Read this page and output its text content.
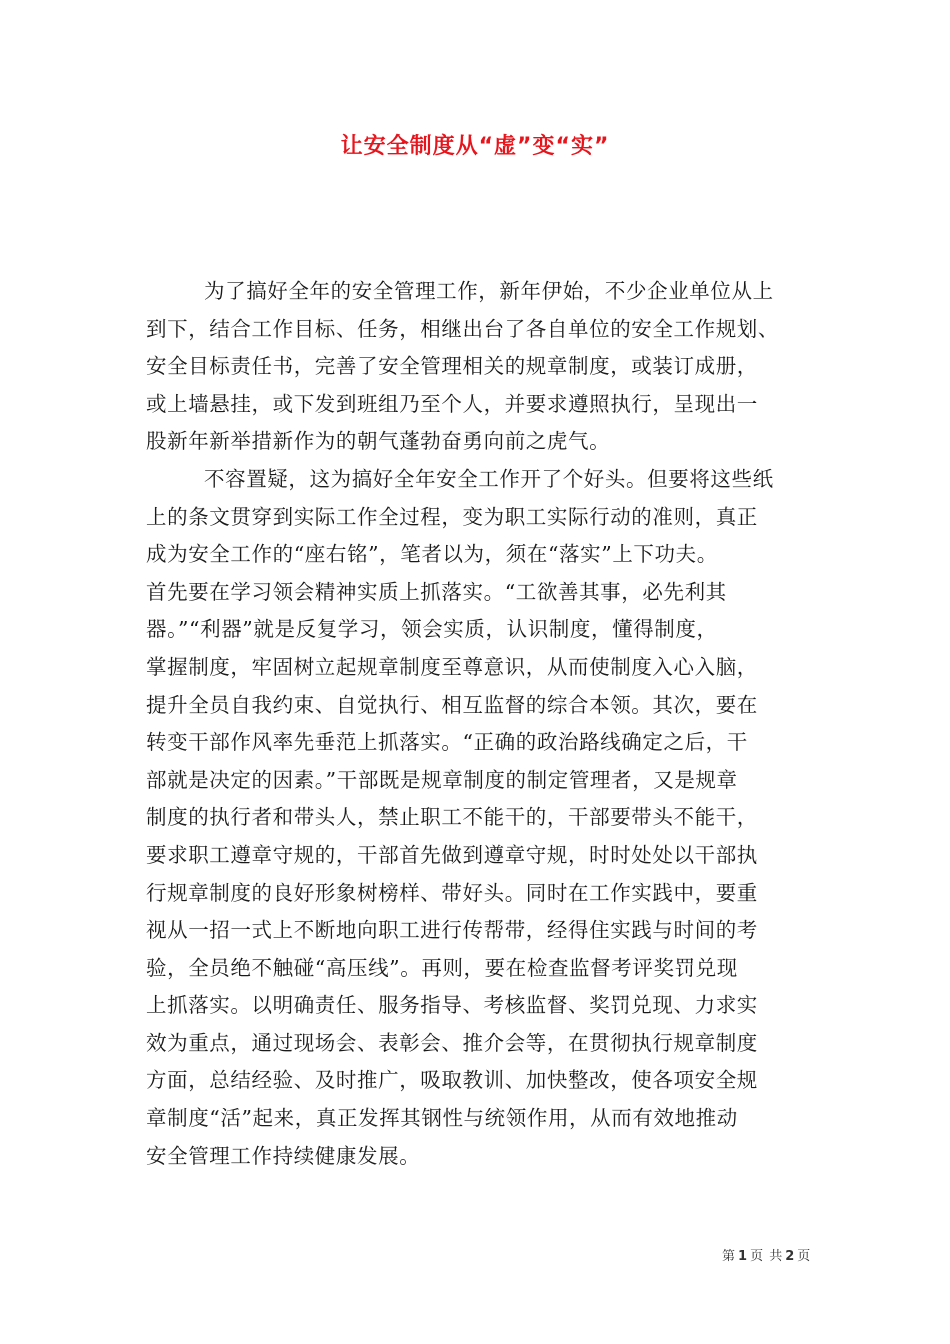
让安全制度从“虚”变“实”
为了搞好全年的安全管理工作，新年伊始，不少企业单位从上
到下，结合工作目标、任务，相继出台了各自单位的安全工作规划、
安全目标责任书，完善了安全管理相关的规章制度，或装订成册，
或上墙悬挂，或下发到班组乃至个人，并要求遵照执行，呈现出一
股新年新举措新作为的朝气蓬勃奋勇向前之虎气。
不容置疑，这为搞好全年安全工作开了个好头。但要将这些纸
上的条文贯穿到实际工作全过程，变为职工实际行动的准则，真正
成为安全工作的“座右铭”，笔者以为，须在“落实”上下功夫。
首先要在学习领会精神实质上抓落实。“工欲善其事，必先利其
器。”“利器”就是反复学习，领会实质，认识制度，懂得制度，
掌握制度，牢固树立起规章制度至尊意识，从而使制度入心入脑，
提升全员自我约束、自觉执行、相互监督的综合本领。其次，要在
转变干部作风率先垂范上抓落实。“正确的政治路线确定之后，干
部就是决定的因素。”干部既是规章制度的制定管理者，又是规章
制度的执行者和带头人，禁止职工不能干的，干部要带头不能干，
要求职工遵章守规的，干部首先做到遵章守规，时时处处以干部执
行规章制度的良好形象树榜样、带好头。同时在工作实践中，要重
视从一招一式上不断地向职工进行传帮带，经得住实践与时间的考
验，全员绝不触碰“高压线”。再则，要在检查监督考评奖罚兑现
上抓落实。以明确责任、服务指导、考核监督、奖罚兑现、力求实
效为重点，通过现场会、表彰会、推介会等，在贯彻执行规章制度
方面，总结经验、及时推广，吸取教训、加快整改，使各项安全规
章制度“活”起来，真正发挥其钢性与统领作用，从而有效地推动
安全管理工作持续健康发展。
第 1 页 共 2 页
